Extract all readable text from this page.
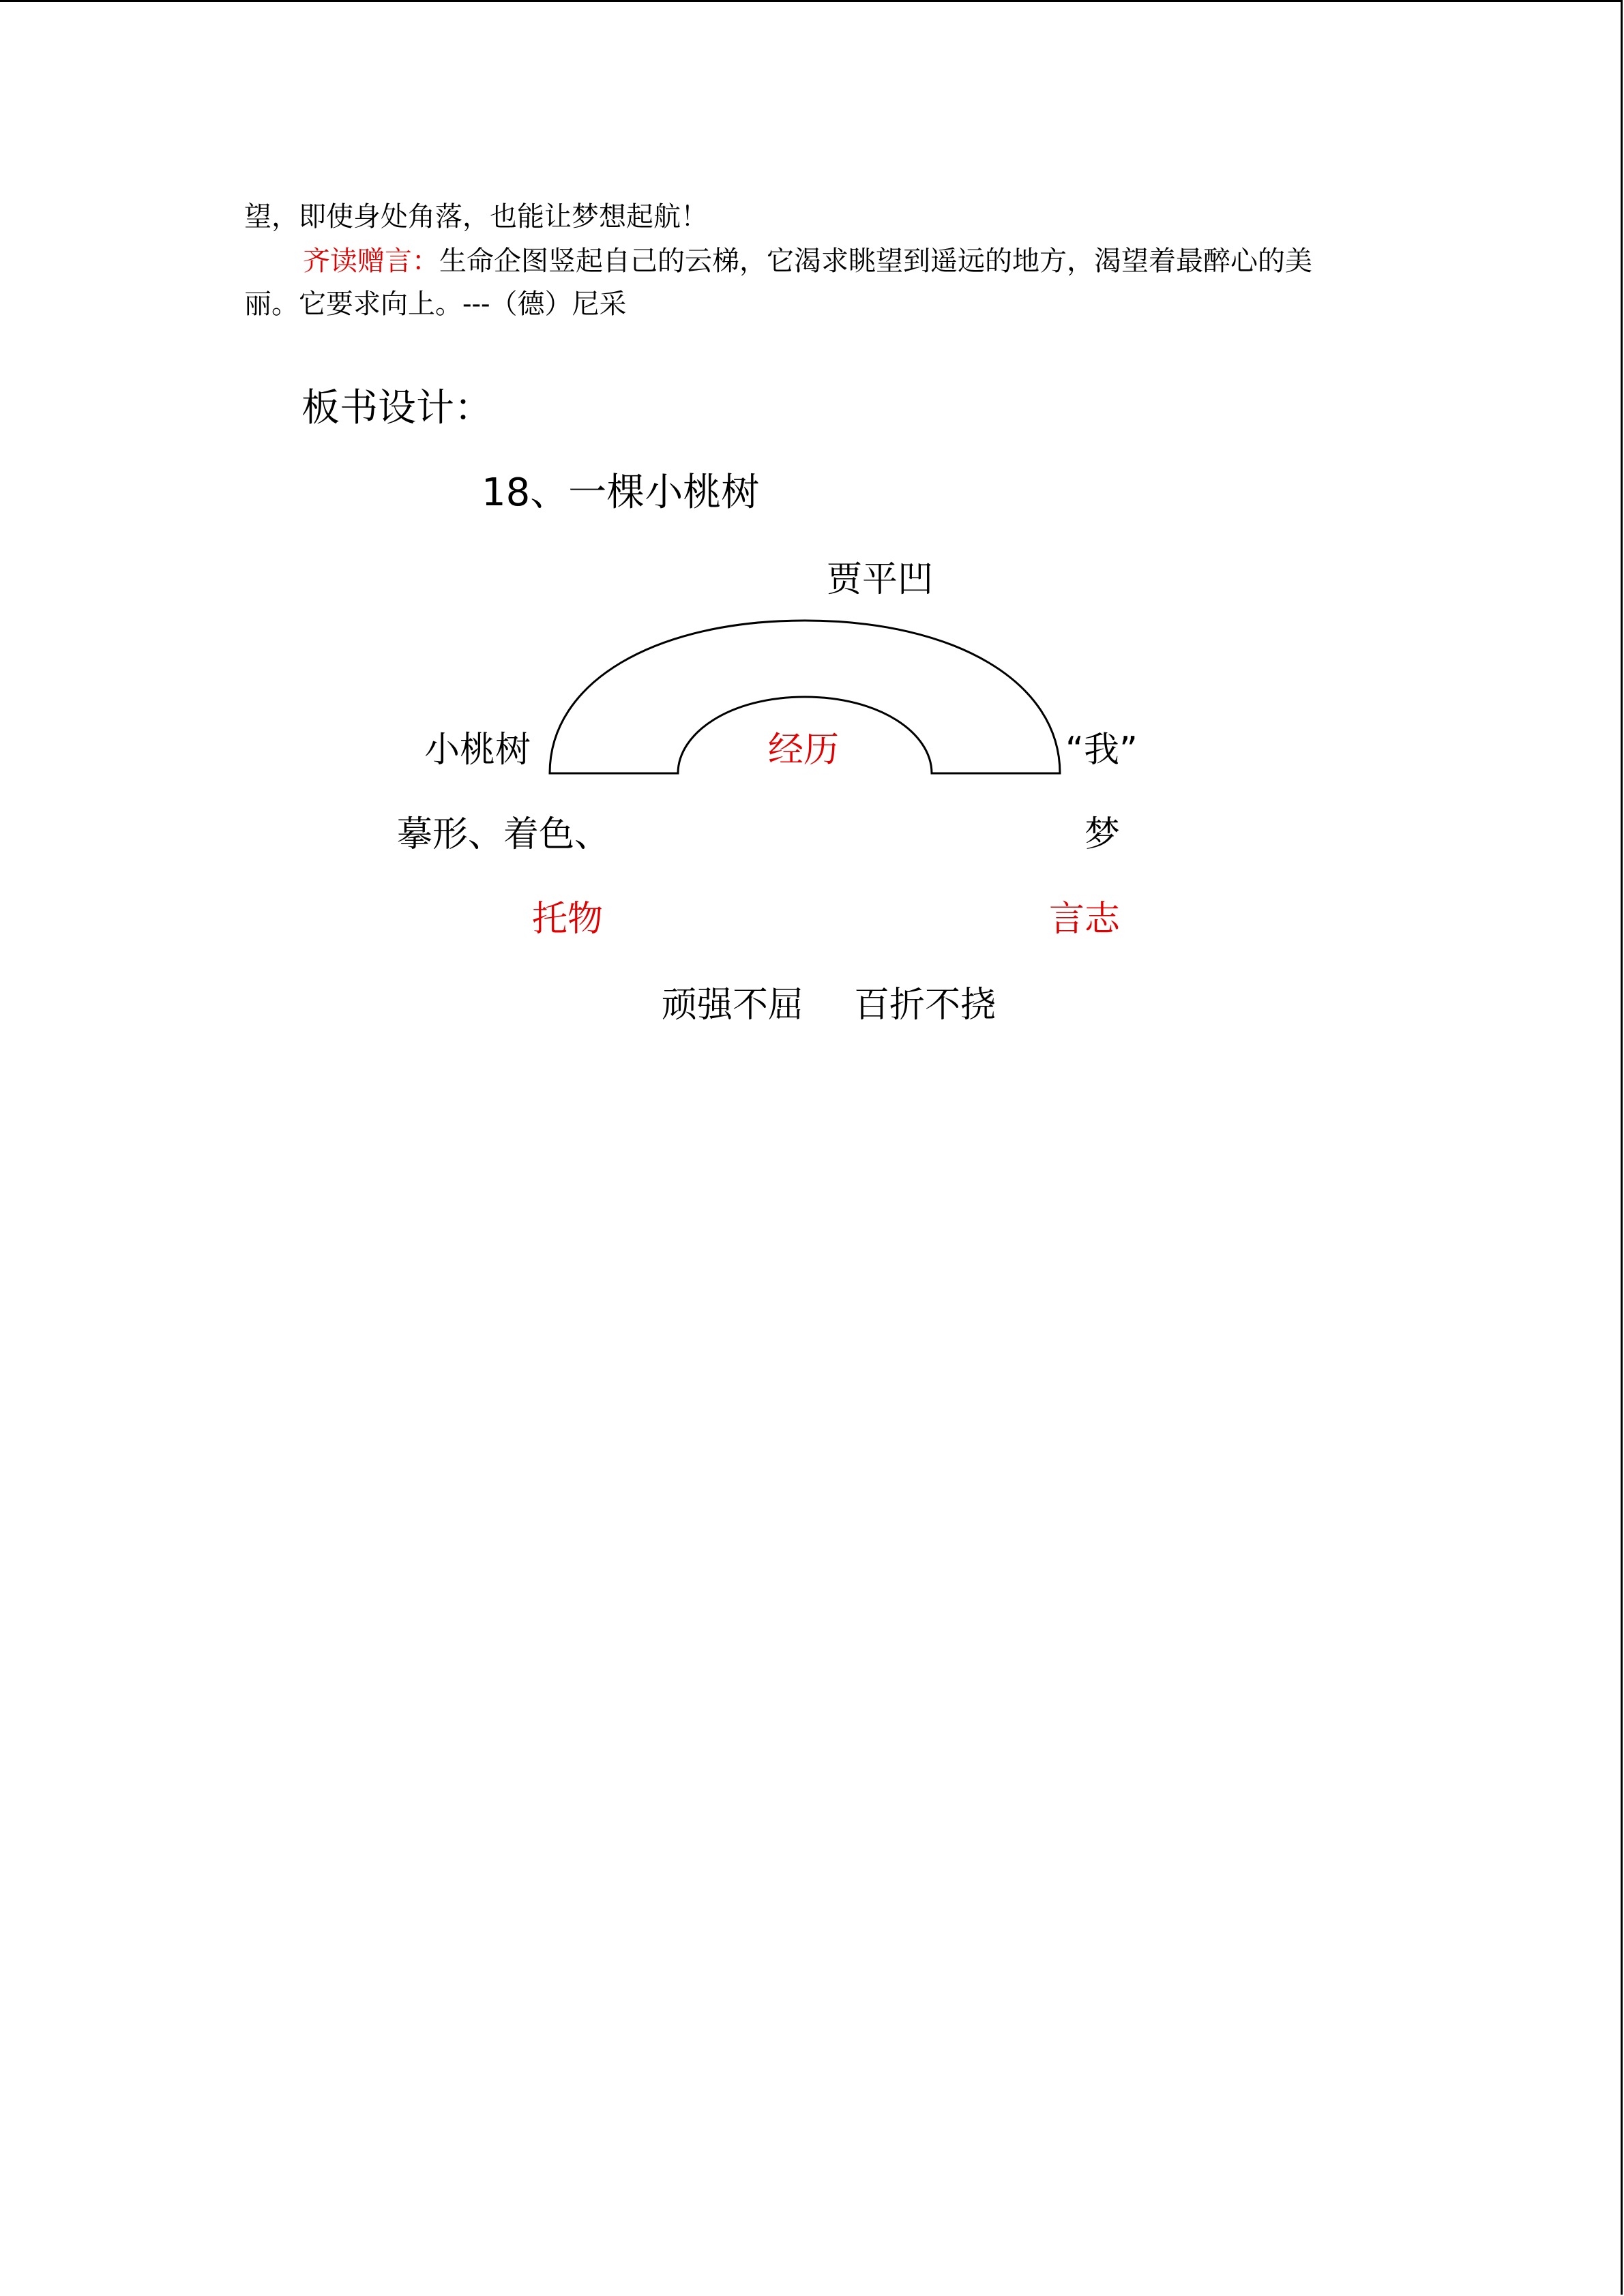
望，即使身处角落，也能让梦想起航！
齐读赠言：生命企图竖起自己的云梯，它渴求眺望到遥远的地方，渴望着最醉心的美
丽。它要求向上。---（德）尼采
板书设计：
18、一棵小桃树
贾平凹
小桃树	经历	“我”
摹形、着色、	梦
托物	言志
顽强不屈 百折不挠
